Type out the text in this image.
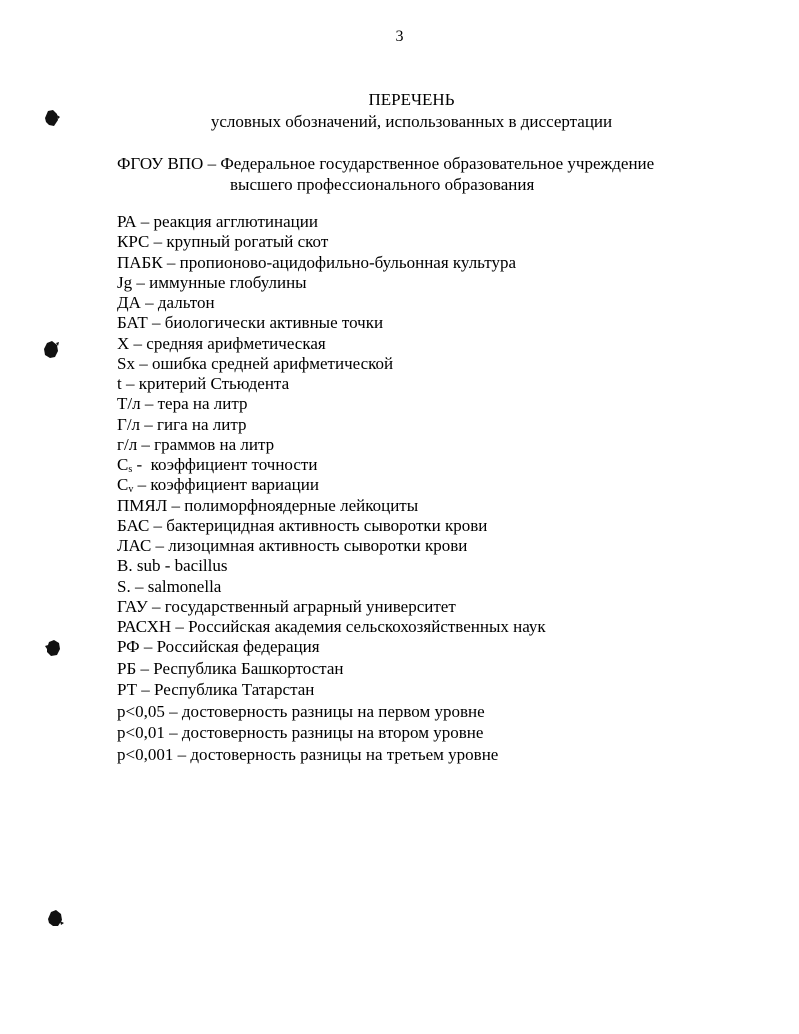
3
ПЕРЕЧЕНЬ
условных обозначений, использованных в диссертации
ФГОУ ВПО – Федеральное государственное образовательное учреждение
высшего профессионального образования
РА – реакция агглютинации
КРС – крупный рогатый скот
ПАБК – пропионово-ацидофильно-бульонная культура
Jg – иммунные глобулины
ДА – дальтон
БАТ – биологически активные точки
X – средняя арифметическая
Sx – ошибка средней арифметической
t – критерий Стьюдента
Т/л – тера на литр
Г/л – гига на литр
г/л – граммов на литр
$C_s$ -  коэффициент точности
$C_v$ – коэффициент вариации
ПМЯЛ – полиморфноядерные лейкоциты
БАС – бактерицидная активность сыворотки крови
ЛАС – лизоцимная активность сыворотки крови
B. sub - bacillus
S. – salmonella
ГАУ – государственный аграрный университет
РАСХН – Российская академия сельскохозяйственных наук
РФ – Российская федерация
РБ – Республика Башкортостан
РТ – Республика Татарстан
p<0,05 – достоверность разницы на первом уровне
p<0,01 – достоверность разницы на втором уровне
p<0,001 – достоверность разницы на третьем уровне
